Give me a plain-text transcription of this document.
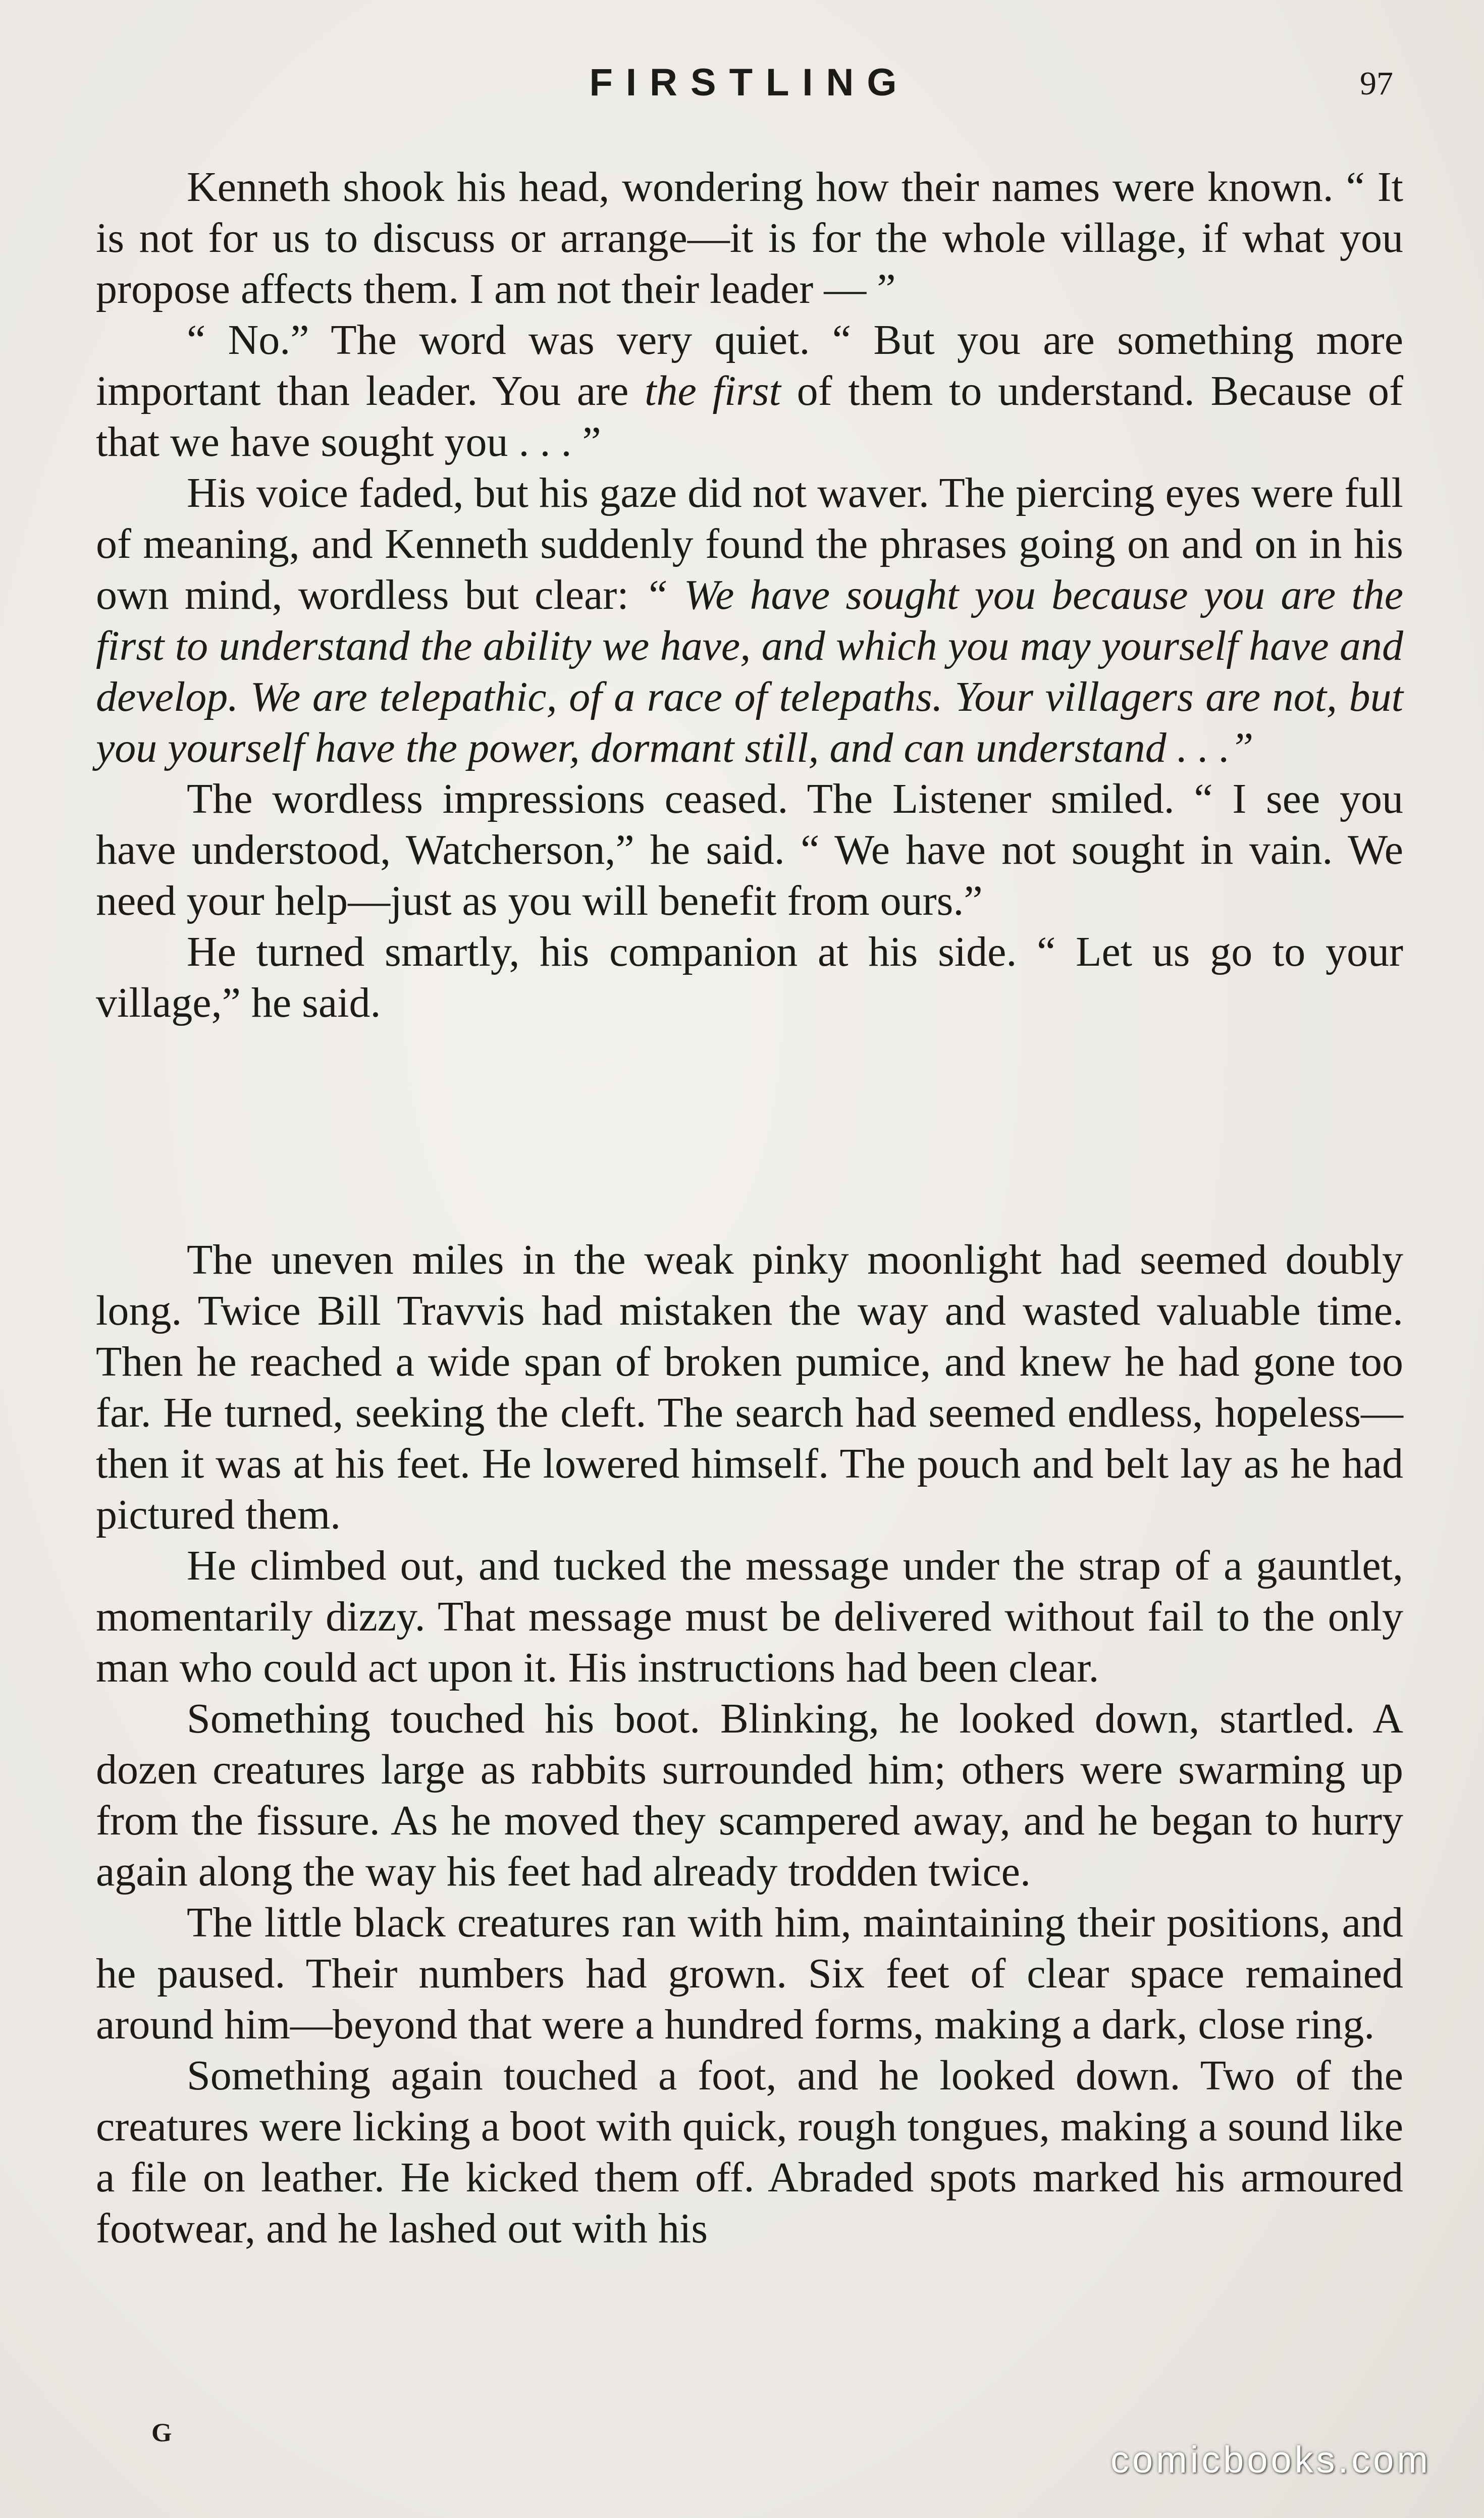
FIRSTLING	97

Kenneth shook his head, wondering how their names were known. “ It is not for us to discuss or arrange—it is for the whole village, if what you propose affects them. I am not their leader — ”

“ No.” The word was very quiet. “ But you are something more important than leader. You are the first of them to understand. Because of that we have sought you . . . ”

His voice faded, but his gaze did not waver. The piercing eyes were full of meaning, and Kenneth suddenly found the phrases going on and on in his own mind, wordless but clear: “ We have sought you because you are the first to understand the ability we have, and which you may yourself have and develop. We are telepathic, of a race of telepaths. Your villagers are not, but you yourself have the power, dormant still, and can understand . . .”

The wordless impressions ceased. The Listener smiled. “ I see you have understood, Watcherson,” he said. “ We have not sought in vain. We need your help—just as you will benefit from ours.”

He turned smartly, his companion at his side. “ Let us go to your village,” he said.

The uneven miles in the weak pinky moonlight had seemed doubly long. Twice Bill Travvis had mistaken the way and wasted valuable time. Then he reached a wide span of broken pumice, and knew he had gone too far. He turned, seeking the cleft. The search had seemed endless, hopeless—then it was at his feet. He lowered himself. The pouch and belt lay as he had pictured them.

He climbed out, and tucked the message under the strap of a gauntlet, momentarily dizzy. That message must be delivered without fail to the only man who could act upon it. His instructions had been clear.

Something touched his boot. Blinking, he looked down, startled. A dozen creatures large as rabbits surrounded him; others were swarming up from the fissure. As he moved they scampered away, and he began to hurry again along the way his feet had already trodden twice.

The little black creatures ran with him, maintaining their positions, and he paused. Their numbers had grown. Six feet of clear space remained around him—beyond that were a hundred forms, making a dark, close ring.

Something again touched a foot, and he looked down. Two of the creatures were licking a boot with quick, rough tongues, making a sound like a file on leather. He kicked them off. Abraded spots marked his armoured footwear, and he lashed out with his

G
comicbooks.com
